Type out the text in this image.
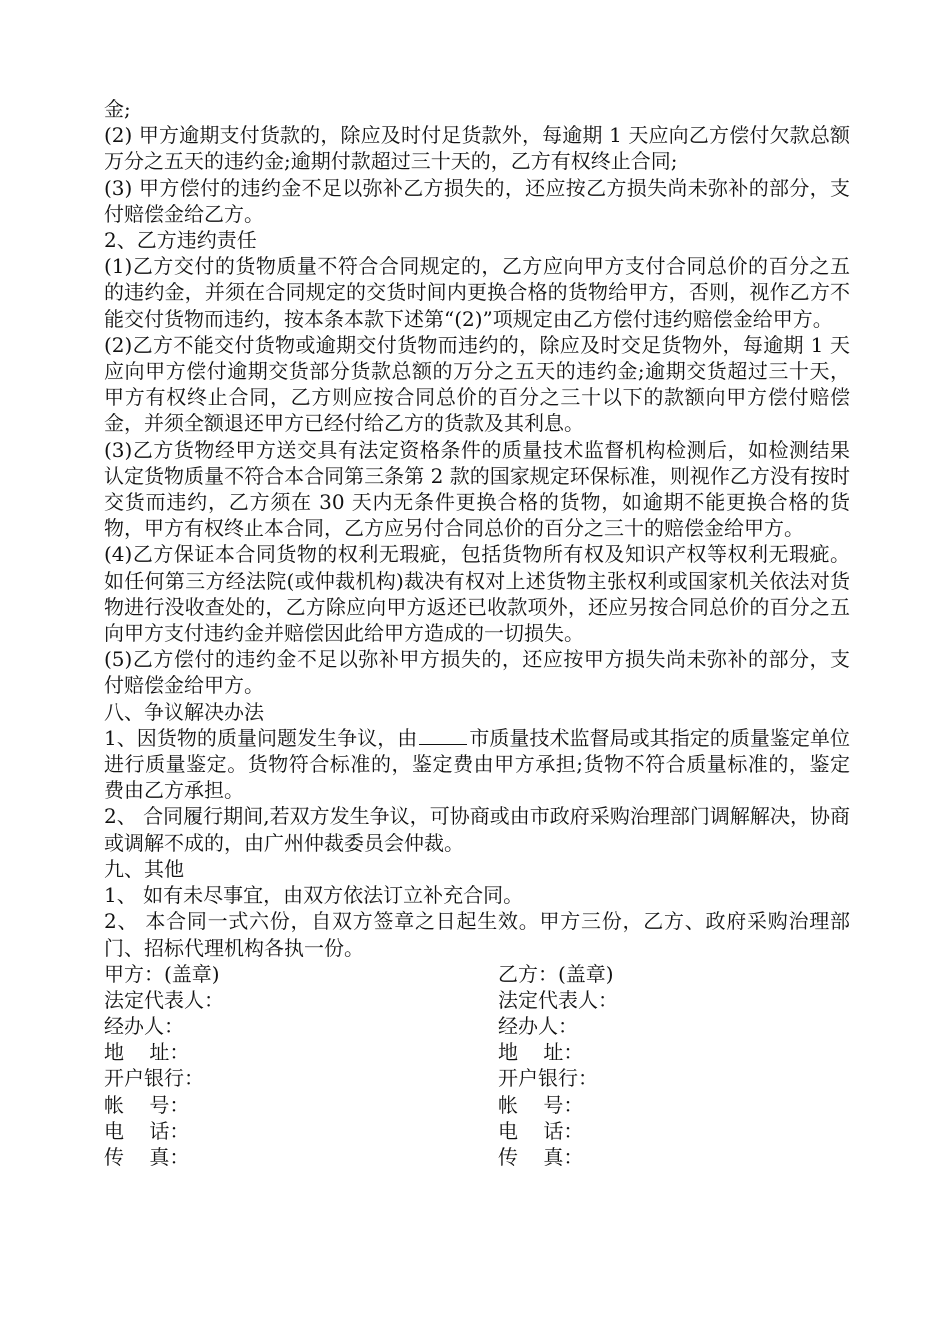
金;

(2) 甲方逾期支付货款的，除应及时付足货款外，每逾期 1 天应向乙方偿付欠款总额万分之五天的违约金;逾期付款超过三十天的，乙方有权终止合同;

(3) 甲方偿付的违约金不足以弥补乙方损失的，还应按乙方损失尚未弥补的部分，支付赔偿金给乙方。

2、乙方违约责任

(1)乙方交付的货物质量不符合合同规定的，乙方应向甲方支付合同总价的百分之五的违约金，并须在合同规定的交货时间内更换合格的货物给甲方，否则，视作乙方不能交付货物而违约，按本条本款下述第“(2)”项规定由乙方偿付违约赔偿金给甲方。

(2)乙方不能交付货物或逾期交付货物而违约的，除应及时交足货物外，每逾期 1 天应向甲方偿付逾期交货部分货款总额的万分之五天的违约金;逾期交货超过三十天，甲方有权终止合同，乙方则应按合同总价的百分之三十以下的款额向甲方偿付赔偿金，并须全额退还甲方已经付给乙方的货款及其利息。

(3)乙方货物经甲方送交具有法定资格条件的质量技术监督机构检测后，如检测结果认定货物质量不符合本合同第三条第 2 款的国家规定环保标准，则视作乙方没有按时交货而违约，乙方须在 30 天内无条件更换合格的货物，如逾期不能更换合格的货物，甲方有权终止本合同，乙方应另付合同总价的百分之三十的赔偿金给甲方。

(4)乙方保证本合同货物的权利无瑕疵，包括货物所有权及知识产权等权利无瑕疵。如任何第三方经法院(或仲裁机构)裁决有权对上述货物主张权利或国家机关依法对货物进行没收查处的，乙方除应向甲方返还已收款项外，还应另按合同总价的百分之五向甲方支付违约金并赔偿因此给甲方造成的一切损失。

(5)乙方偿付的违约金不足以弥补甲方损失的，还应按甲方损失尚未弥补的部分，支付赔偿金给甲方。

八、争议解决办法

1、因货物的质量问题发生争议，由	市质量技术监督局或其指定的质量鉴定单位进行质量鉴定。货物符合标准的，鉴定费由甲方承担;货物不符合质量标准的，鉴定费由乙方承担。

2、 合同履行期间,若双方发生争议，可协商或由市政府采购治理部门调解解决，协商或调解不成的，由广州仲裁委员会仲裁。

九、其他

1、 如有未尽事宜，由双方依法订立补充合同。

2、 本合同一式六份，自双方签章之日起生效。甲方三份，乙方、政府采购治理部门、招标代理机构各执一份。

甲方：(盖章)	乙方：(盖章)
法定代表人：	法定代表人：
经办人：	经办人：
地    址：	地    址：
开户银行：	开户银行：
帐    号：	帐    号：
电    话：	电    话：
传    真：	传    真：
